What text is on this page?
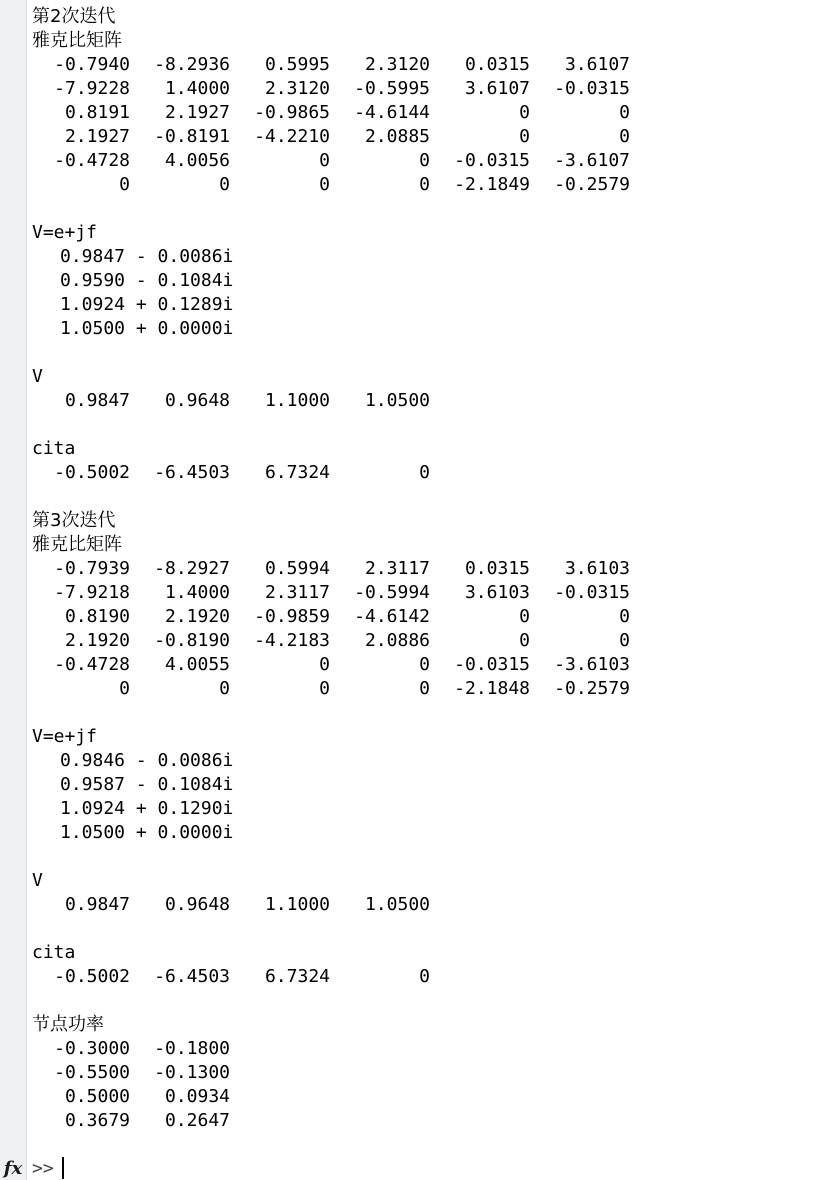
第2次迭代
雅克比矩阵
-0.7940	-8.2936	0.5995	2.3120	0.0315	3.6107
-7.9228	1.4000	2.3120	-0.5995	3.6107	-0.0315
0.8191	2.1927	-0.9865	-4.6144	0	0
2.1927	-0.8191	-4.2210	2.0885	0	0
-0.4728	4.0056	0	0	-0.0315	-3.6107
0	0	0	0	-2.1849	-0.2579
V=e+jf
0.9847 - 0.0086i
0.9590 - 0.1084i
1.0924 + 0.1289i
1.0500 + 0.0000i
V
0.9847	0.9648	1.1000	1.0500
cita
-0.5002	-6.4503	6.7324	0
第3次迭代
雅克比矩阵
-0.7939	-8.2927	0.5994	2.3117	0.0315	3.6103
-7.9218	1.4000	2.3117	-0.5994	3.6103	-0.0315
0.8190	2.1920	-0.9859	-4.6142	0	0
2.1920	-0.8190	-4.2183	2.0886	0	0
-0.4728	4.0055	0	0	-0.0315	-3.6103
0	0	0	0	-2.1848	-0.2579
V=e+jf
0.9846 - 0.0086i
0.9587 - 0.1084i
1.0924 + 0.1290i
1.0500 + 0.0000i
V
0.9847	0.9648	1.1000	1.0500
cita
-0.5002	-6.4503	6.7324	0
节点功率
-0.3000	-0.1800
-0.5500	-0.1300
0.5000	0.0934
0.3679	0.2647
fx >>
